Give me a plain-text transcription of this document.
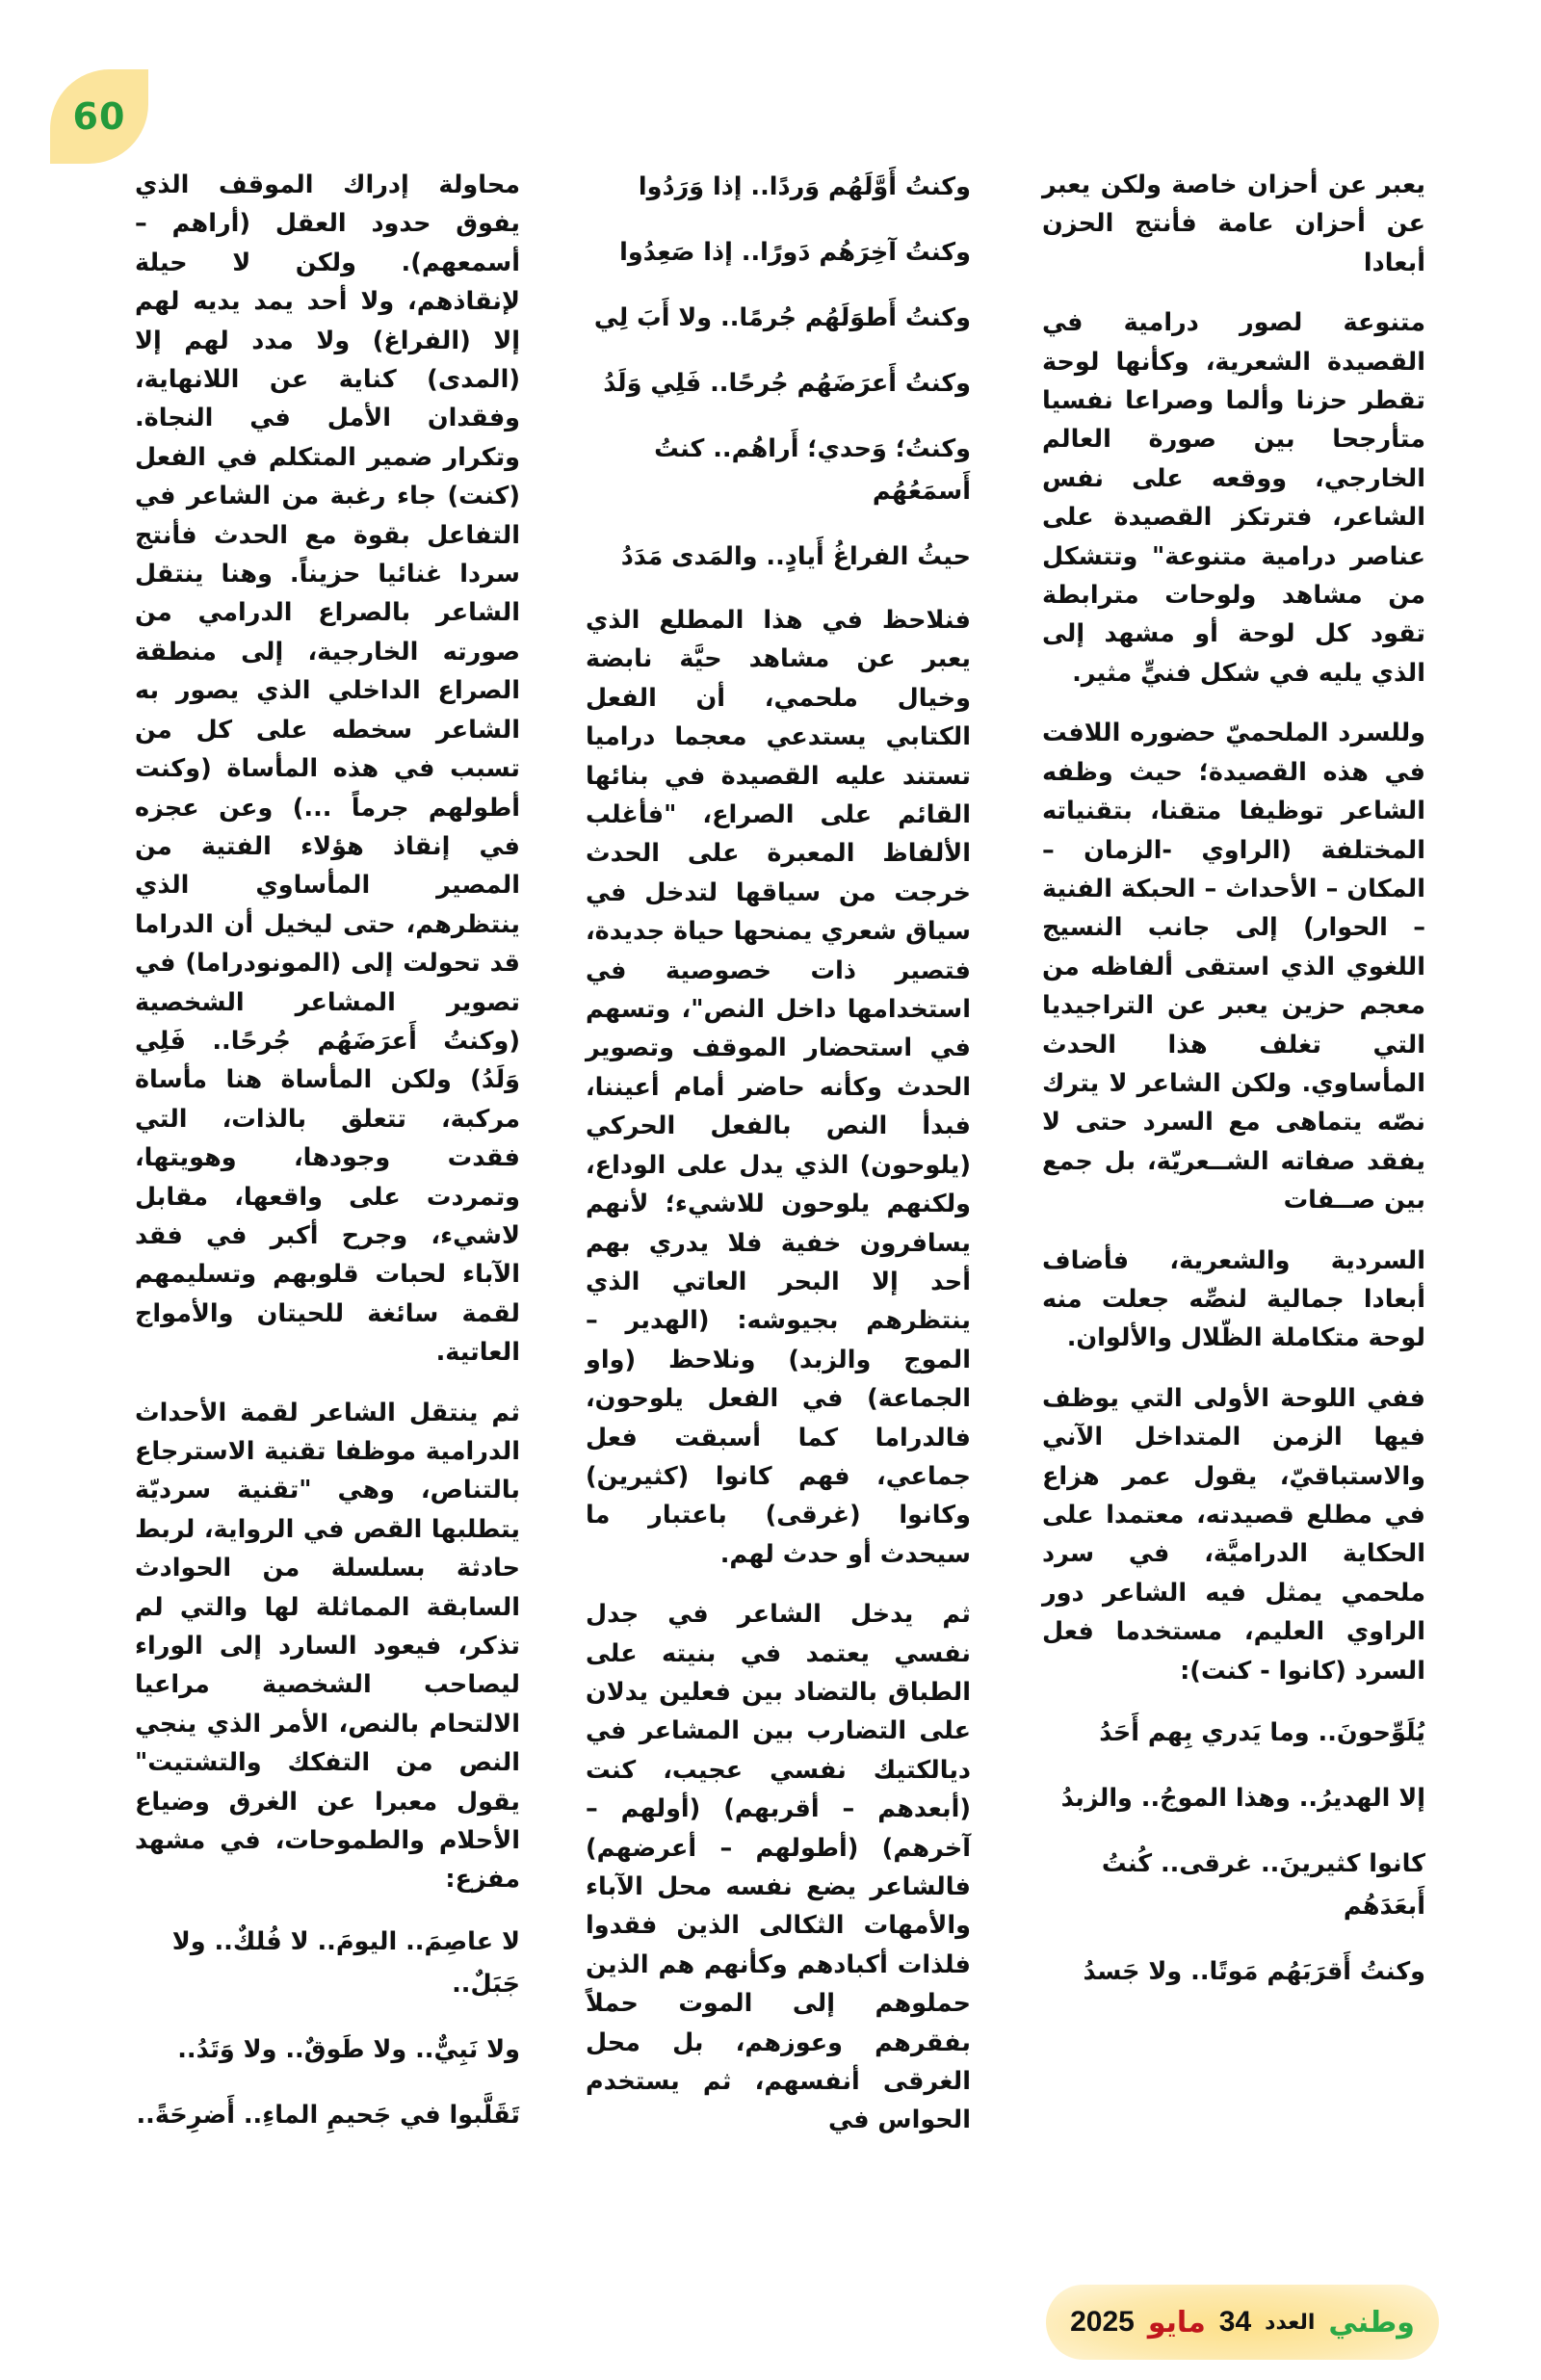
60

يعبر عن أحزان خاصة ولكن يعبر عن أحزان عامة فأنتج الحزن أبعادا

متنوعة لصور درامية في القصيدة الشعرية، وكأنها لوحة تقطر حزنا وألما وصراعا نفسيا متأرجحا بين صورة العالم الخارجي، ووقعه على نفس الشاعر، فترتكز القصيدة على عناصر درامية متنوعة" وتتشكل من مشاهد ولوحات مترابطة تقود كل لوحة أو مشهد إلى الذي يليه في شكل فنيٍّ مثير.

وللسرد الملحميّ حضوره اللافت في هذه القصيدة؛ حيث وظفه الشاعر توظيفا متقنا، بتقنياته المختلفة (الراوي -الزمان – المكان – الأحداث – الحبكة الفنية – الحوار) إلى جانب النسيج اللغوي الذي استقى ألفاظه من معجم حزين يعبر عن التراجيديا التي تغلف هذا الحدث المأساوي. ولكن الشاعر لا يترك نصّه يتماهى مع السرد حتى لا يفقد صفاته الشــعريّة، بل جمع بين صــفات

السردية والشعرية، فأضاف أبعادا جمالية لنصِّه جعلت منه لوحة متكاملة الظّلال والألوان.

ففي اللوحة الأولى التي يوظف فيها الزمن المتداخل الآني والاستباقيّ، يقول عمر هزاع في مطلع قصيدته، معتمدا على الحكاية الدراميَّة، في سرد ملحمي يمثل فيه الشاعر دور الراوي العليم، مستخدما فعل السرد (كانوا - كنت):

يُلَوِّحونَ.. وما يَدري بِهم أَحَدُ

إلا الهديرُ.. وهذا الموجُ.. والزبدُ

كانوا كثيرينَ.. غرقى.. كُنتُ أَبعَدَهُم

وكنتُ أَقرَبَهُم مَوتًا.. ولا جَسدُ

وكنتُ أَوَّلَهُم وَردًا.. إذا وَرَدُوا

وكنتُ آخِرَهُم دَورًا.. إذا صَعِدُوا

وكنتُ أَطوَلَهُم جُرمًا.. ولا أَبَ لِي

وكنتُ أَعرَضَهُم جُرحًا.. فَلِي وَلَدُ

وكنتُ؛ وَحدي؛ أَراهُم.. كنتُ أَسمَعُهُم

حيثُ الفراغُ أَيادٍ.. والمَدى مَدَدُ

فنلاحظ في هذا المطلع الذي يعبر عن مشاهد حيَّة نابضة وخيال ملحمي، أن الفعل الكتابي يستدعي معجما دراميا تستند عليه القصيدة في بنائها القائم على الصراع، "فأغلب الألفاظ المعبرة على الحدث خرجت من سياقها لتدخل في سياق شعري يمنحها حياة جديدة، فتصير ذات خصوصية في استخدامها داخل النص"، وتسهم في استحضار الموقف وتصوير الحدث وكأنه حاضر أمام أعيننا، فبدأ النص بالفعل الحركي (يلوحون) الذي يدل على الوداع، ولكنهم يلوحون للاشيء؛ لأنهم يسافرون خفية فلا يدري بهم أحد إلا البحر العاتي الذي ينتظرهم بجيوشه: (الهدير – الموج والزبد) ونلاحظ (واو الجماعة) في الفعل يلوحون، فالدراما كما أسبقت فعل جماعي، فهم كانوا (كثيرين) وكانوا (غرقى) باعتبار ما سيحدث أو حدث لهم.

ثم يدخل الشاعر في جدل نفسي يعتمد في بنيته على الطباق بالتضاد بين فعلين يدلان على التضارب بين المشاعر في ديالكتيك نفسي عجيب، كنت (أبعدهم – أقربهم) (أولهم – آخرهم) (أطولهم – أعرضهم) فالشاعر يضع نفسه محل الآباء والأمهات الثكالى الذين فقدوا فلذات أكبادهم وكأنهم هم الذين حملوهم إلى الموت حملاً بفقرهم وعوزهم، بل محل الغرقى أنفسهم، ثم يستخدم الحواس في

محاولة إدراك الموقف الذي يفوق حدود العقل (أراهم – أسمعهم). ولكن لا حيلة لإنقاذهم، ولا أحد يمد يديه لهم إلا (الفراغ) ولا مدد لهم إلا (المدى) كناية عن اللانهاية، وفقدان الأمل في النجاة. وتكرار ضمير المتكلم في الفعل (كنت) جاء رغبة من الشاعر في التفاعل بقوة مع الحدث فأنتج سردا غنائيا حزيناً. وهنا ينتقل الشاعر بالصراع الدرامي من صورته الخارجية، إلى منطقة الصراع الداخلي الذي يصور به الشاعر سخطه على كل من تسبب في هذه المأساة (وكنت أطولهم جرماً ...) وعن عجزه في إنقاذ هؤلاء الفتية من المصير المأساوي الذي ينتظرهم، حتى ليخيل أن الدراما قد تحولت إلى (المونودراما) في تصوير المشاعر الشخصية (وكنتُ أَعرَضَهُم جُرحًا.. فَلِي وَلَدُ) ولكن المأساة هنا مأساة مركبة، تتعلق بالذات، التي فقدت وجودها، وهويتها، وتمردت على واقعها، مقابل لاشيء، وجرح أكبر في فقد الآباء لحبات قلوبهم وتسليمهم لقمة سائغة للحيتان والأمواج العاتية.

ثم ينتقل الشاعر لقمة الأحداث الدرامية موظفا تقنية الاسترجاع بالتناص، وهي "تقنية سرديّة يتطلبها القص في الرواية، لربط حادثة بسلسلة من الحوادث السابقة المماثلة لها والتي لم تذكر، فيعود السارد إلى الوراء ليصاحب الشخصية مراعيا الالتحام بالنص، الأمر الذي ينجي النص من التفكك والتشتيت" يقول معبرا عن الغرق وضياع الأحلام والطموحات، في مشهد مفزع:

لا عاصِمَ.. اليومَ.. لا فُلكٌ.. ولا جَبَلٌ..

ولا نَبِيٌّ.. ولا طَوقٌ.. ولا وَتَدُ..

تَقَلَّبوا في جَحيمِ الماءِ.. أَضرِحَةً..

وطني
العدد
34
مايو
2025
